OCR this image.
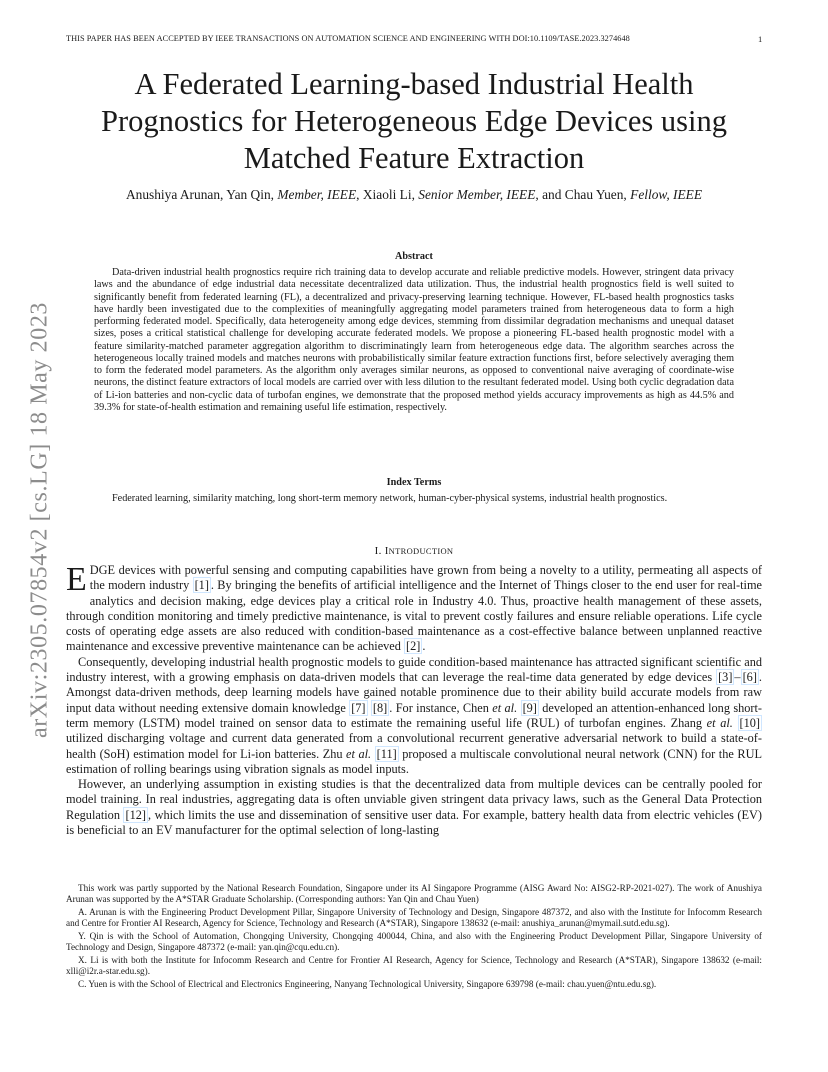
THIS PAPER HAS BEEN ACCEPTED BY IEEE TRANSACTIONS ON AUTOMATION SCIENCE AND ENGINEERING WITH DOI:10.1109/TASE.2023.3274648	1
arXiv:2305.07854v2 [cs.LG] 18 May 2023
A Federated Learning-based Industrial Health Prognostics for Heterogeneous Edge Devices using Matched Feature Extraction
Anushiya Arunan, Yan Qin, Member, IEEE, Xiaoli Li, Senior Member, IEEE, and Chau Yuen, Fellow, IEEE
Abstract
Data-driven industrial health prognostics require rich training data to develop accurate and reliable predictive models. However, stringent data privacy laws and the abundance of edge industrial data necessitate decentralized data utilization. Thus, the industrial health prognostics field is well suited to significantly benefit from federated learning (FL), a decentralized and privacy-preserving learning technique. However, FL-based health prognostics tasks have hardly been investigated due to the complexities of meaningfully aggregating model parameters trained from heterogeneous data to form a high performing federated model. Specifically, data heterogeneity among edge devices, stemming from dissimilar degradation mechanisms and unequal dataset sizes, poses a critical statistical challenge for developing accurate federated models. We propose a pioneering FL-based health prognostic model with a feature similarity-matched parameter aggregation algorithm to discriminatingly learn from heterogeneous edge data. The algorithm searches across the heterogeneous locally trained models and matches neurons with probabilistically similar feature extraction functions first, before selectively averaging them to form the federated model parameters. As the algorithm only averages similar neurons, as opposed to conventional naive averaging of coordinate-wise neurons, the distinct feature extractors of local models are carried over with less dilution to the resultant federated model. Using both cyclic degradation data of Li-ion batteries and non-cyclic data of turbofan engines, we demonstrate that the proposed method yields accuracy improvements as high as 44.5% and 39.3% for state-of-health estimation and remaining useful life estimation, respectively.
Index Terms
Federated learning, similarity matching, long short-term memory network, human-cyber-physical systems, industrial health prognostics.
I. INTRODUCTION

EDGE devices with powerful sensing and computing capabilities have grown from being a novelty to a utility, permeating all aspects of the modern industry [1] . By bringing the benefits of artificial intelligence and the Internet of Things closer to the end user for real-time analytics and decision making, edge devices play a critical role in Industry 4.0. Thus, proactive health management of these assets, through condition monitoring and timely predictive maintenance, is vital to prevent costly failures and ensure reliable operations. Life cycle costs of operating edge assets are also reduced with condition-based maintenance as a cost-effective balance between unplanned reactive maintenance and excessive preventive maintenance can be achieved [2] .

Consequently, developing industrial health prognostic models to guide condition-based maintenance has attracted significant scientific and industry interest, with a growing emphasis on data-driven models that can leverage the real-time data generated by edge devices [3] – [6] . Amongst data-driven methods, deep learning models have gained notable prominence due to their ability build accurate models from raw input data without needing extensive domain knowledge [7] [8] . For instance, Chen et al. [9] developed an attention-enhanced long short-term memory (LSTM) model trained on sensor data to estimate the remaining useful life (RUL) of turbofan engines. Zhang et al. [10] utilized discharging voltage and current data generated from a convolutional recurrent generative adversarial network to build a state-of-health (SoH) estimation model for Li-ion batteries. Zhu et al. [11] proposed a multiscale convolutional neural network (CNN) for the RUL estimation of rolling bearings using vibration signals as model inputs.

However, an underlying assumption in existing studies is that the decentralized data from multiple devices can be centrally pooled for model training. In real industries, aggregating data is often unviable given stringent data privacy laws, such as the General Data Protection Regulation [12] , which limits the use and dissemination of sensitive user data. For example, battery health data from electric vehicles (EV) is beneficial to an EV manufacturer for the optimal selection of long-lasting

This work was partly supported by the National Research Foundation, Singapore under its AI Singapore Programme (AISG Award No: AISG2-RP-2021-027). The work of Anushiya Arunan was supported by the A*STAR Graduate Scholarship. (Corresponding authors: Yan Qin and Chau Yuen)

A. Arunan is with the Engineering Product Development Pillar, Singapore University of Technology and Design, Singapore 487372, and also with the Institute for Infocomm Research and Centre for Frontier AI Research, Agency for Science, Technology and Research (A*STAR), Singapore 138632 (e-mail: anushiya_arunan@mymail.sutd.edu.sg).

Y. Qin is with the School of Automation, Chongqing University, Chongqing 400044, China, and also with the Engineering Product Development Pillar, Singapore University of Technology and Design, Singapore 487372 (e-mail: yan.qin@cqu.edu.cn).

X. Li is with both the Institute for Infocomm Research and Centre for Frontier AI Research, Agency for Science, Technology and Research (A*STAR), Singapore 138632 (e-mail: xlli@i2r.a-star.edu.sg).

C. Yuen is with the School of Electrical and Electronics Engineering, Nanyang Technological University, Singapore 639798 (e-mail: chau.yuen@ntu.edu.sg).
